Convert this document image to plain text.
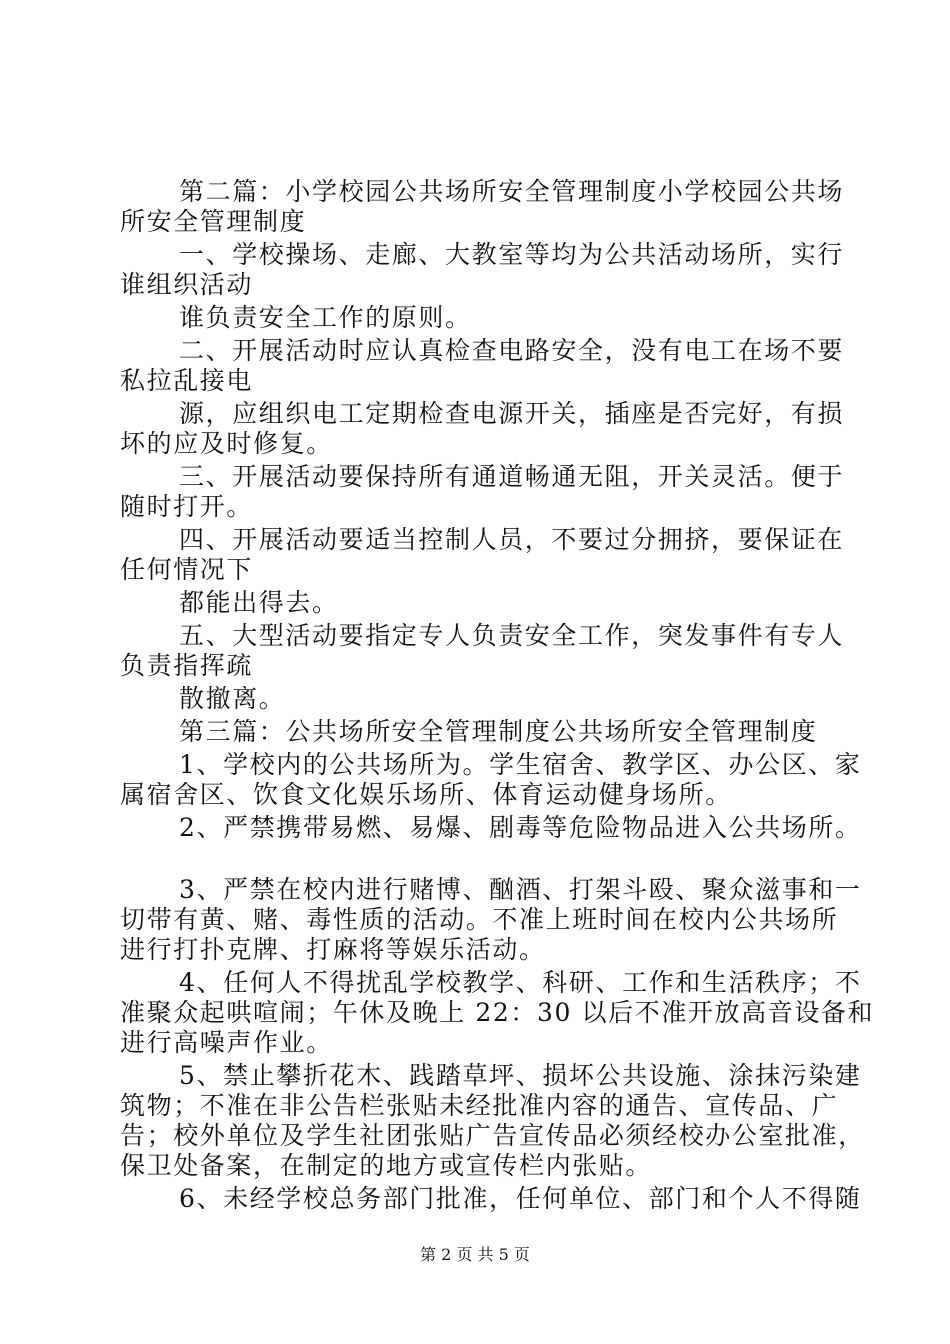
第二篇：小学校园公共场所安全管理制度小学校园公共场
所安全管理制度
一、学校操场、走廊、大教室等均为公共活动场所，实行
谁组织活动
谁负责安全工作的原则。
二、开展活动时应认真检查电路安全，没有电工在场不要
私拉乱接电
源，应组织电工定期检查电源开关，插座是否完好，有损
坏的应及时修复。
三、开展活动要保持所有通道畅通无阻，开关灵活。便于
随时打开。
四、开展活动要适当控制人员，不要过分拥挤，要保证在
任何情况下
都能出得去。
五、大型活动要指定专人负责安全工作，突发事件有专人
负责指挥疏
散撤离。
第三篇：公共场所安全管理制度公共场所安全管理制度
1、学校内的公共场所为。学生宿舍、教学区、办公区、家
属宿舍区、饮食文化娱乐场所、体育运动健身场所。
2、严禁携带易燃、易爆、剧毒等危险物品进入公共场所。
3、严禁在校内进行赌博、酗酒、打架斗殴、聚众滋事和一
切带有黄、赌、毒性质的活动。不准上班时间在校内公共场所
进行打扑克牌、打麻将等娱乐活动。
4、任何人不得扰乱学校教学、科研、工作和生活秩序；不
准聚众起哄喧闹；午休及晚上 22：30 以后不准开放高音设备和
进行高噪声作业。
5、禁止攀折花木、践踏草坪、损坏公共设施、涂抹污染建
筑物；不准在非公告栏张贴未经批准内容的通告、宣传品、广
告；校外单位及学生社团张贴广告宣传品必须经校办公室批准，
保卫处备案，在制定的地方或宣传栏内张贴。
6、未经学校总务部门批准，任何单位、部门和个人不得随
第 2 页 共 5 页
